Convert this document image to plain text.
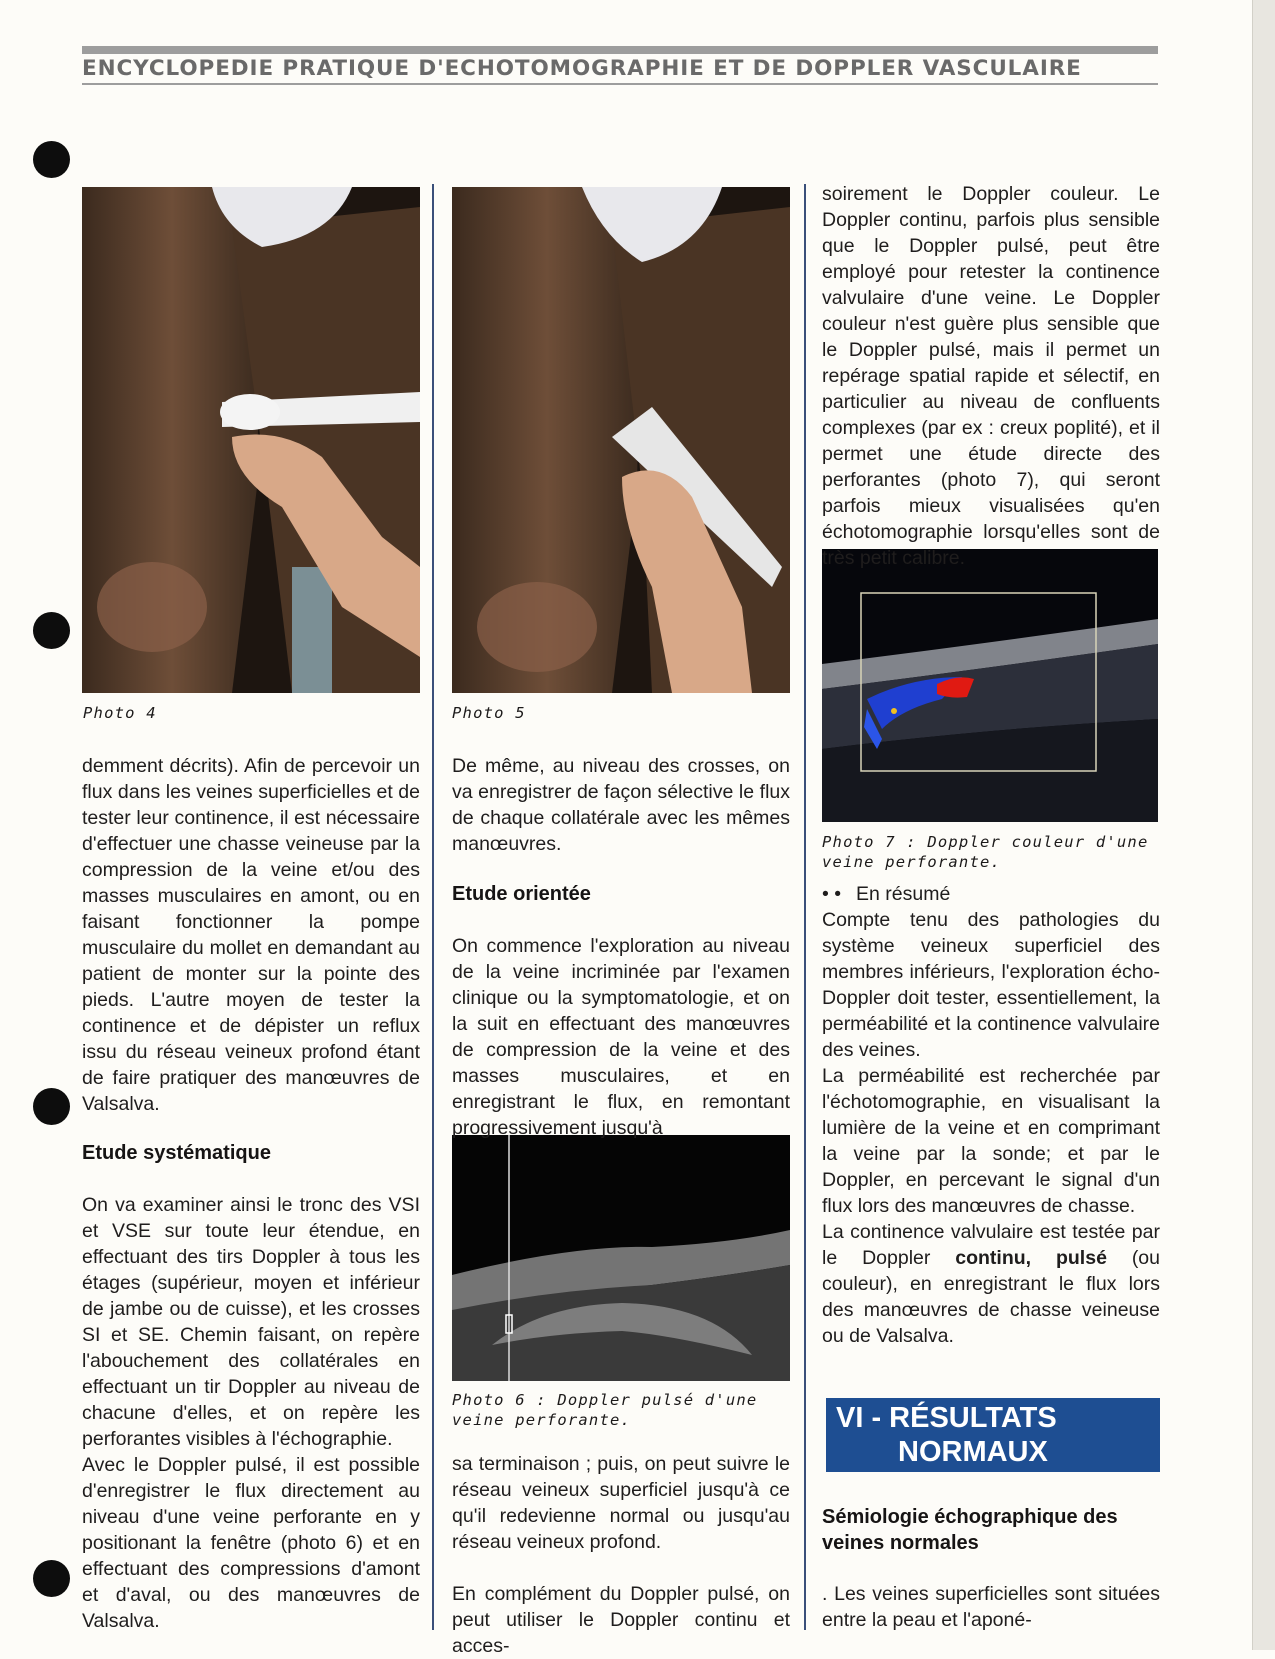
ENCYCLOPEDIE PRATIQUE D'ECHOTOMOGRAPHIE ET DE DOPPLER VASCULAIRE
Photo 4	Photo 5
Photo 6 : Doppler pulsé d'une veine perforante.
Photo 7 : Doppler couleur d'une veine perforante.
demment décrits). Afin de percevoir un flux dans les veines superficielles et de tester leur continence, il est nécessaire d'effectuer une chasse veineuse par la compression de la veine et/ou des masses musculaires en amont, ou en faisant fonctionner la pompe musculaire du mollet en demandant au patient de monter sur la pointe des pieds. L'autre moyen de tester la continence et de dépister un reflux issu du réseau veineux profond étant de faire pratiquer des manœuvres de Valsalva.
Etude systématique
On va examiner ainsi le tronc des VSI et VSE sur toute leur étendue, en effectuant des tirs Doppler à tous les étages (supérieur, moyen et inférieur de jambe ou de cuisse), et les crosses SI et SE. Chemin faisant, on repère l'abouchement des collatérales en effectuant un tir Doppler au niveau de chacune d'elles, et on repère les perforantes visibles à l'échographie.
Avec le Doppler pulsé, il est possible d'enregistrer le flux directement au niveau d'une veine perforante en y positionant la fenêtre (photo 6) et en effectuant des compressions d'amont et d'aval, ou des manœuvres de Valsalva.
De même, au niveau des crosses, on va enregistrer de façon sélective le flux de chaque collatérale avec les mêmes manœuvres.
Etude orientée
On commence l'exploration au niveau de la veine incriminée par l'examen clinique ou la symptomatologie, et on la suit en effectuant des manœuvres de compression de la veine et des masses musculaires, et en enregistrant le flux, en remontant progressivement jusqu'à
sa terminaison ; puis, on peut suivre le réseau veineux superficiel jusqu'à ce qu'il redevienne normal ou jusqu'au réseau veineux profond.
En complément du Doppler pulsé, on peut utiliser le Doppler continu et acces-
soirement le Doppler couleur. Le Doppler continu, parfois plus sensible que le Doppler pulsé, peut être employé pour retester la continence valvulaire d'une veine. Le Doppler couleur n'est guère plus sensible que le Doppler pulsé, mais il permet un repérage spatial rapide et sélectif, en particulier au niveau de confluents complexes (par ex : creux poplité), et il permet une étude directe des perforantes (photo 7), qui seront parfois mieux visualisées qu'en échotomographie lorsqu'elles sont de très petit calibre.
• • En résumé
Compte tenu des pathologies du système veineux superficiel des membres inférieurs, l'exploration écho-Doppler doit tester, essentiellement, la perméabilité et la continence valvulaire des veines.
La perméabilité est recherchée par l'échotomographie, en visualisant la lumière de la veine et en comprimant la veine par la sonde; et par le Doppler, en percevant le signal d'un flux lors des manœuvres de chasse.
La continence valvulaire est testée par le Doppler continu, pulsé (ou couleur), en enregistrant le flux lors des manœuvres de chasse veineuse ou de Valsalva.
VI - RÉSULTATS
NORMAUX
Sémiologie échographique des veines normales
. Les veines superficielles sont situées entre la peau et l'aponé-
